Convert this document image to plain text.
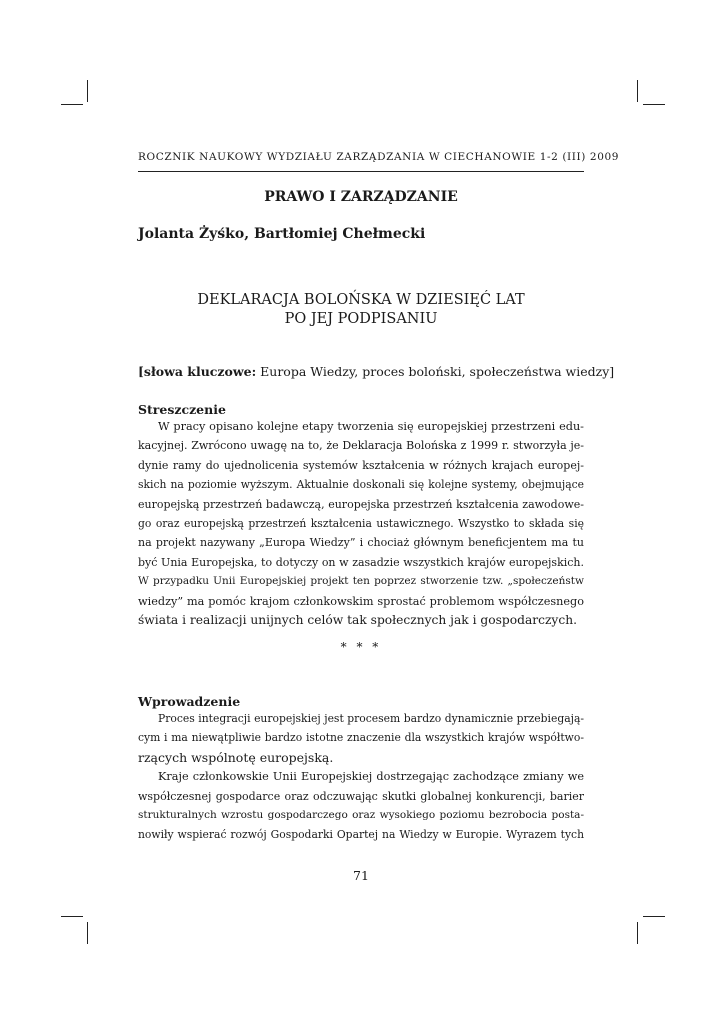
ROCZNIK NAUKOWY WYDZIAŁU ZARZĄDZANIA W CIECHANOWIE 1-2 (III) 2009
PRAWO I ZARZĄDZANIE
Jolanta Żyśko, Bartłomiej Chełmecki
DEKLARACJA BOLOŃSKA W DZIESIĘĆ LAT
PO JEJ PODPISANIU
[słowa kluczowe: Europa Wiedzy, proces boloński, społeczeństwa wiedzy]
Streszczenie
W pracy opisano kolejne etapy tworzenia się europejskiej przestrzeni edu-
kacyjnej. Zwrócono uwagę na to, że Deklaracja Bolońska z 1999 r. stworzyła je-
dynie ramy do ujednolicenia systemów kształcenia w różnych krajach europej-
skich na poziomie wyższym. Aktualnie doskonali się kolejne systemy, obejmujące
europejską przestrzeń badawczą, europejska przestrzeń kształcenia zawodowe-
go oraz europejską przestrzeń kształcenia ustawicznego. Wszystko to składa się
na projekt nazywany „Europa Wiedzy” i chociaż głównym beneficjentem ma tu
być Unia Europejska, to dotyczy on w zasadzie wszystkich krajów europejskich.
W przypadku Unii Europejskiej projekt ten poprzez stworzenie tzw. „społeczeństw
wiedzy” ma pomóc krajom członkowskim sprostać problemom współczesnego
świata i realizacji unijnych celów tak społecznych jak i gospodarczych.
* * *
Wprowadzenie
Proces integracji europejskiej jest procesem bardzo dynamicznie przebiegają-
cym i ma niewątpliwie bardzo istotne znaczenie dla wszystkich krajów współtwo-
rzących wspólnotę europejską.
Kraje członkowskie Unii Europejskiej dostrzegając zachodzące zmiany we
współczesnej gospodarce oraz odczuwając skutki globalnej konkurencji, barier
strukturalnych wzrostu gospodarczego oraz wysokiego poziomu bezrobocia posta-
nowiły wspierać rozwój Gospodarki Opartej na Wiedzy w Europie. Wyrazem tych
71
